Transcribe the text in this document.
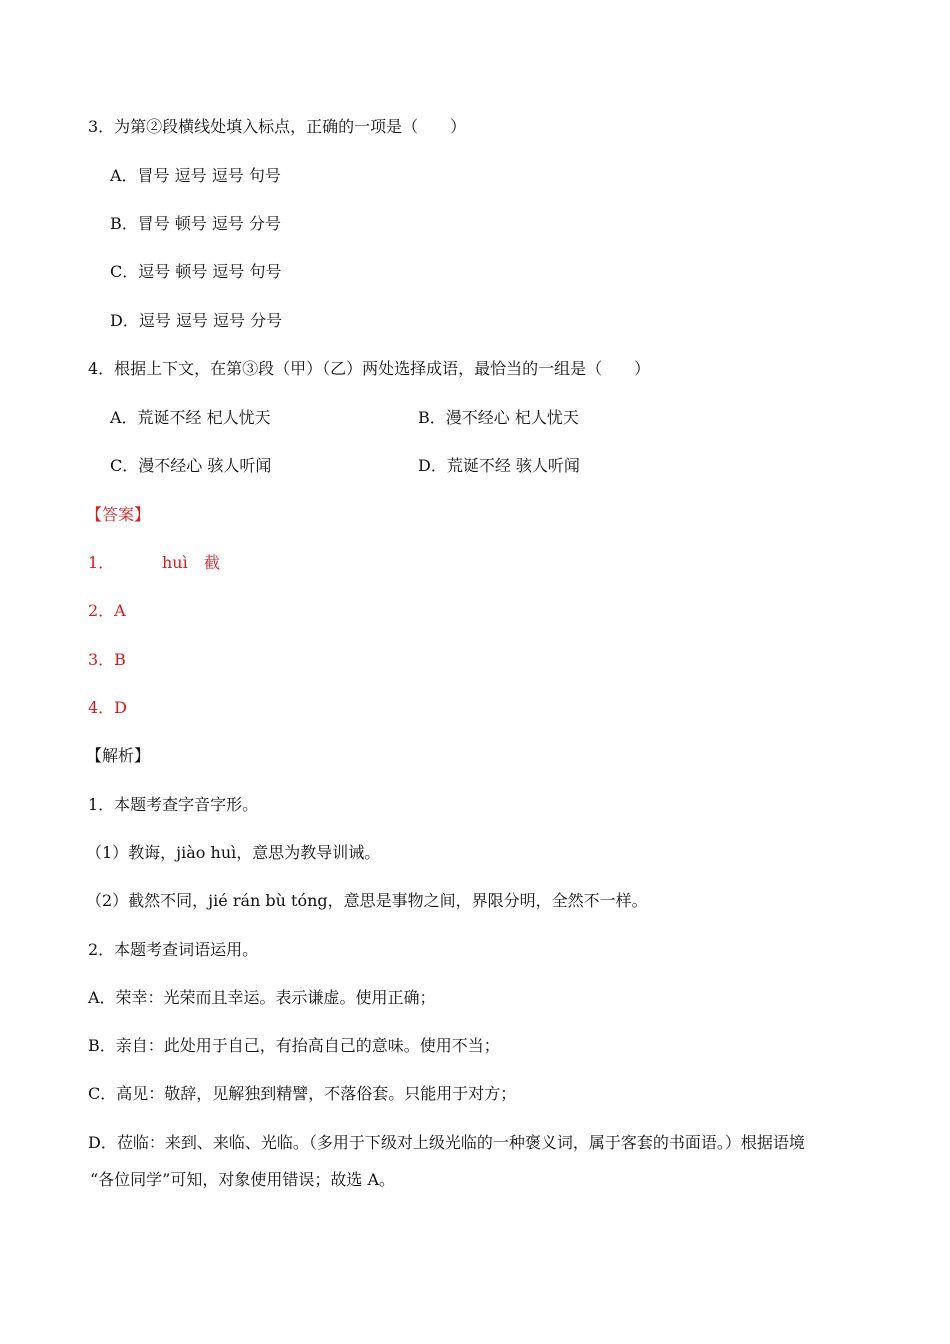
3．为第②段横线处填入标点，正确的一项是（　　）
A．冒号 逗号 逗号 句号
B．冒号 顿号 逗号 分号
C．逗号 顿号 逗号 句号
D．逗号 逗号 逗号 分号
4．根据上下文，在第③段（甲）（乙）两处选择成语，最恰当的一组是（　　）
A．荒诞不经 杞人忧天	B．漫不经心 杞人忧天
C．漫不经心 骇人听闻	D．荒诞不经 骇人听闻
【答案】
1．	huì 截
2．A
3．B
4．D
【解析】
1．本题考查字音字形。
（1）教诲，jiào huì，意思为教导训诫。
（2）截然不同，jié rán bù tóng，意思是事物之间，界限分明，全然不一样。
2．本题考查词语运用。
A．荣幸：光荣而且幸运。表示谦虚。使用正确；
B．亲自：此处用于自己，有抬高自己的意味。使用不当；
C．高见：敬辞，见解独到精譬，不落俗套。只能用于对方；
D．莅临：来到、来临、光临。（多用于下级对上级光临的一种褒义词，属于客套的书面语。）根据语境
“各位同学”可知，对象使用错误；故选 A。
